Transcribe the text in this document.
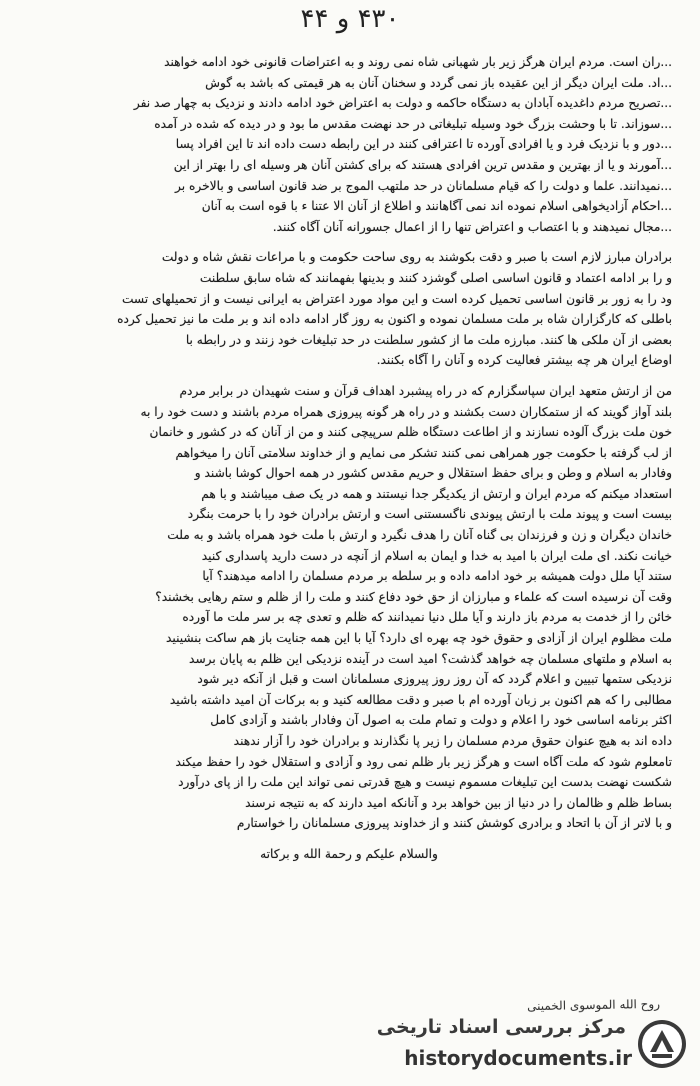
۴۳۰ و ۴۴
...ران است. مردم ایران هرگز زیر بار شهبانی شاه نمی روند و به اعتراضات قانونی خود ادامه خواهند
...اد. ملت ایران دیگر از این عقیده باز نمی گردد و سخنان آنان به هر قیمتی که باشد به گوش
...تصریح مردم داغدیده آبادان به دستگاه حاکمه و دولت به اعتراض خود ادامه دادند و نزدیک به چهار صد نفر
...سوزاند. تا با وحشت بزرگ خود وسیله تبلیغاتی در حد نهضت مقدس ما بود و در دیده که شده در آمده
...دور و با نزدیک فرد و یا افرادی آورده تا اعترافی کنند در این رابطه دست داده اند تا این افراد پسا
...آمورند و یا از بهترین و مقدس ترین افرادی هستند که برای کشتن آنان هر وسیله ای را بهتر از این
...نمیدانند. علما و دولت را که قیام مسلمانان در حد ملتهب الموج بر ضد قانون اساسی و بالاخره بر
...احکام آزادیخواهی اسلام نموده اند نمی آگاهانند و اطلاع از آنان الا عتنا ء با قوه است به آنان
...مجال نمیدهند و با اعتصاب و اعتراض تنها را از اعمال جسورانه آنان آگاه کنند.
برادران مبارز لازم است با صبر و دقت بکوشند به روی ساحت حکومت و با مراعات نقش شاه و دولت
و را بر ادامه اعتماد و قانون اساسی اصلی گوشزد کنند و بدینها بفهمانند که شاه سابق سلطنت
ود را به زور بر قانون اساسی تحمیل کرده است و این مواد مورد اعتراض به ایرانی نیست و از تحمیلهای تست
باطلی که کارگزاران شاه بر ملت مسلمان نموده و اکنون به روز گار ادامه داده اند و بر ملت ما نیز تحمیل کرده
بعضی از آن ملکی ها کنند. مبارزه ملت ما از کشور سلطنت در حد تبلیغات خود زنند و در رابطه با
اوضاع ایران هر چه بیشتر فعالیت کرده و آنان را آگاه بکنند.
من از ارتش متعهد ایران سپاسگزارم که در راه پیشبرد اهداف قرآن و سنت شهیدان در برابر مردم
بلند آواز گویند که از ستمکاران دست بکشند و در راه هر گونه پیروزی همراه مردم باشند و دست خود را به
خون ملت بزرگ آلوده نسازند و از اطاعت دستگاه ظلم سرپیچی کنند و من از آنان که در کشور و خانمان
از لب گرفته با حکومت جور همراهی نمی کنند تشکر می نمایم و از خداوند سلامتی آنان را میخواهم
وفادار به اسلام و وطن و برای حفظ استقلال و حریم مقدس کشور در همه احوال کوشا باشند و
استعداد میکنم که مردم ایران و ارتش از یکدیگر جدا نیستند و همه در یک صف میباشند و با هم
بیست است و پیوند ملت با ارتش پیوندی ناگسستنی است و ارتش برادران خود را با حرمت بنگرد
خاندان دیگران و زن و فرزندان بی گناه آنان را هدف نگیرد و ارتش با ملت خود همراه باشد و به ملت
خیانت نکند. ای ملت ایران با امید به خدا و ایمان به اسلام از آنچه در دست دارید پاسداری کنید
ستند آیا ملل دولت همیشه بر خود ادامه داده و بر سلطه بر مردم مسلمان را ادامه میدهند؟ آیا
وقت آن نرسیده است که علماء و مبارزان از حق خود دفاع کنند و ملت را از ظلم و ستم رهایی بخشند؟
خائن را از خدمت به مردم باز دارند و آیا ملل دنیا نمیدانند که ظلم و تعدی چه بر سر ملت ما آورده
ملت مظلوم ایران از آزادی و حقوق خود چه بهره ای دارد؟ آیا با این همه جنایت باز هم ساکت بنشینید
به اسلام و ملتهای مسلمان چه خواهد گذشت؟ امید است در آینده نزدیکی این ظلم به پایان برسد
نزدیکی ستمها تبیین و اعلام گردد که آن روز روز پیروزی مسلمانان است و قبل از آنکه دیر شود
مطالبی را که هم اکنون بر زبان آورده ام با صبر و دقت مطالعه کنید و به برکات آن امید داشته باشید
اکثر برنامه اساسی خود را اعلام و دولت و تمام ملت به اصول آن وفادار باشند و آزادی کامل
داده اند به هیچ عنوان حقوق مردم مسلمان را زیر پا نگذارند و برادران خود را آزار ندهند
تامعلوم شود که ملت آگاه است و هرگز زیر بار ظلم نمی رود و آزادی و استقلال خود را حفظ میکند
شکست نهضت بدست این تبلیغات مسموم نیست و هیچ قدرتی نمی تواند این ملت را از پای درآورد
بساط ظلم و ظالمان را در دنیا از بین خواهد برد و آنانکه امید دارند که به نتیجه نرسند
و با لاتر از آن با اتحاد و برادری کوشش کنند و از خداوند پیروزی مسلمانان را خواستارم
والسلام علیکم و رحمة الله و برکاته
روح الله الموسوی الخمینی
مرکز بررسی اسناد تاریخی
historydocuments.ir
